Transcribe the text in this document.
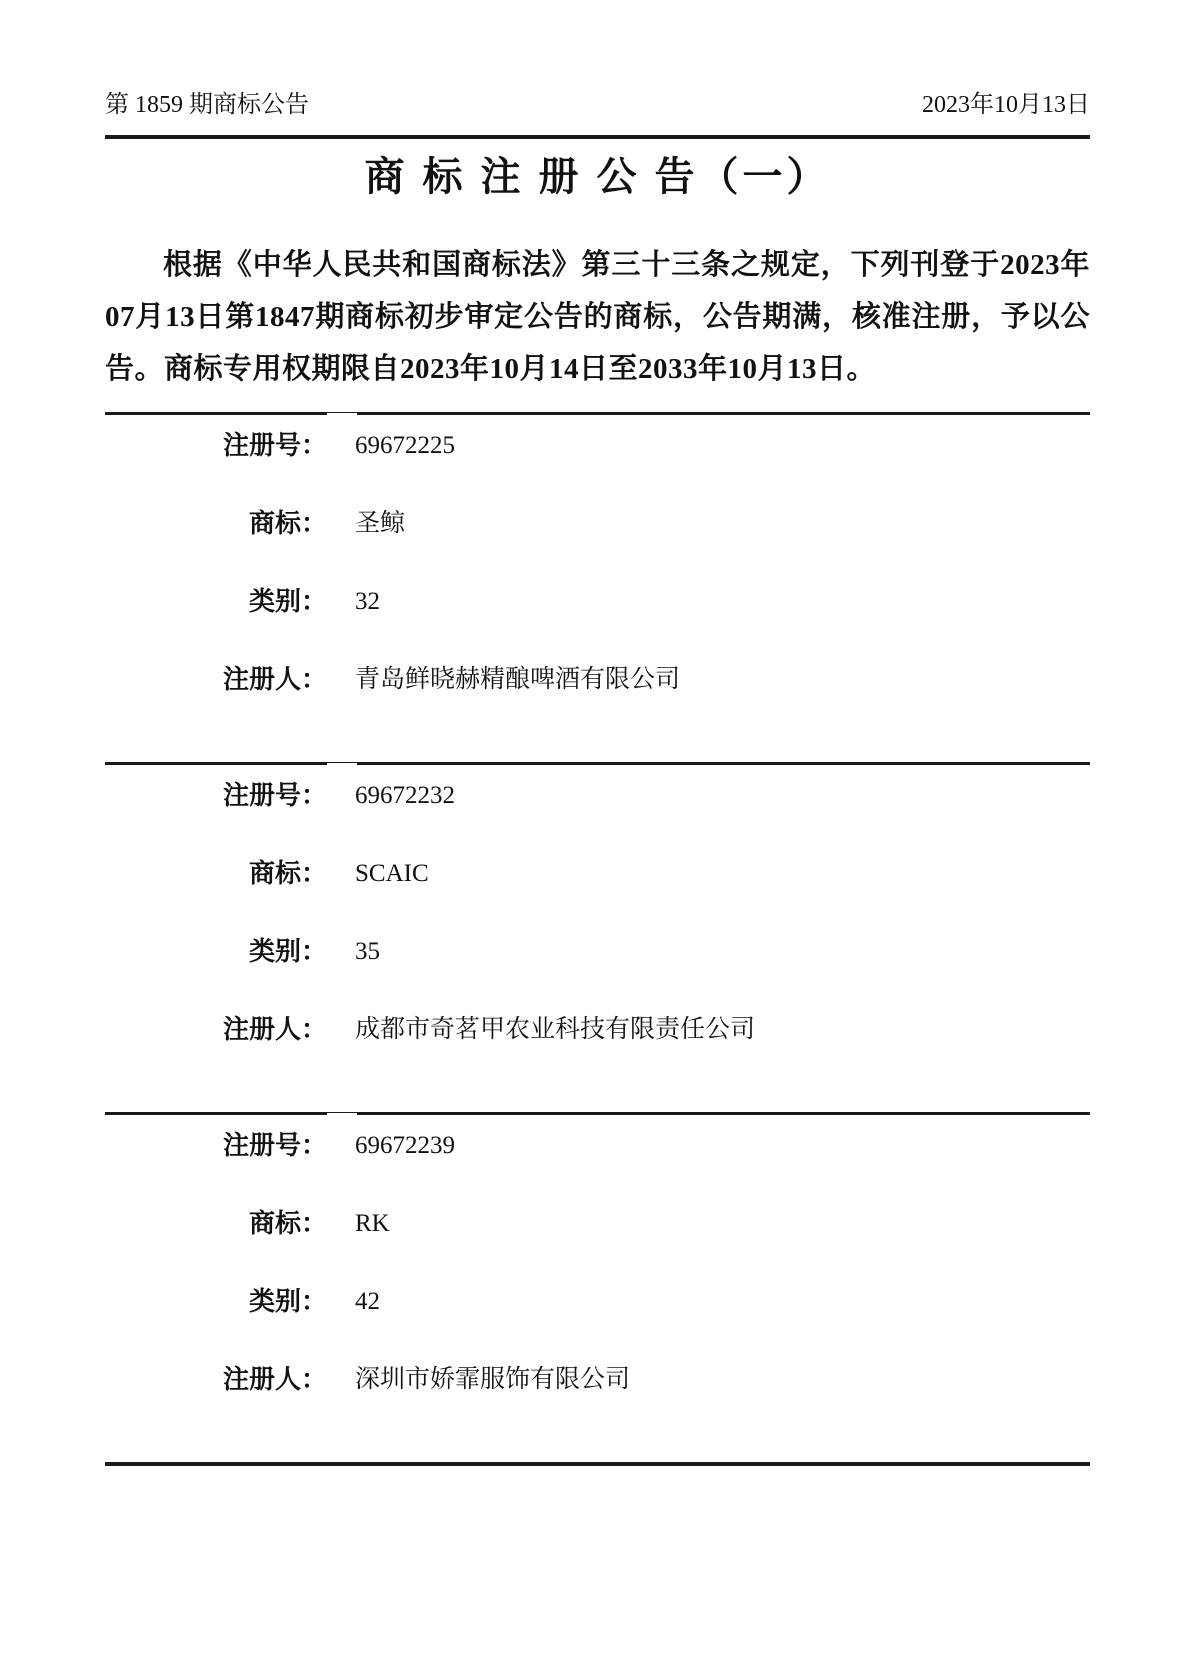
第 1859 期商标公告	2023年10月13日
商 标 注 册 公 告（一）

根据《中华人民共和国商标法》第三十三条之规定，下列刊登于2023年07月13日第1847期商标初步审定公告的商标，公告期满，核准注册，予以公告。商标专用权期限自2023年10月14日至2033年10月13日。

注册号： 69672225
商标： 圣鲸
类别： 32
注册人： 青岛鲜晓赫精酿啤酒有限公司
注册号： 69672232
商标： SCAIC
类别： 35
注册人： 成都市奇茗甲农业科技有限责任公司
注册号： 69672239
商标： RK
类别： 42
注册人： 深圳市娇霏服饰有限公司
